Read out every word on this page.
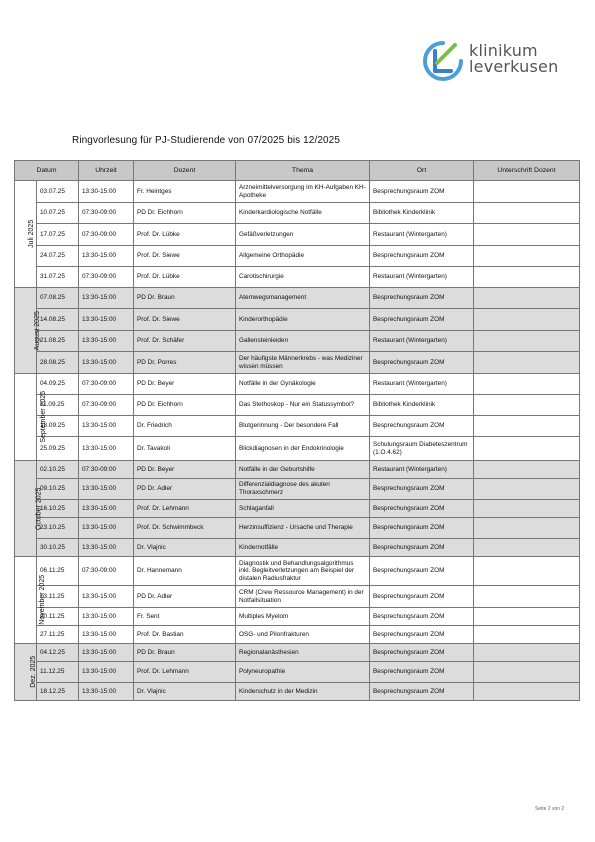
klinikum
leverkusen
Ringvorlesung für PJ-Studierende von 07/2025 bis 12/2025
Datum		Uhrzeit	Dozent	Thema	Ort	Unterschrift Dozent
Juli 2025	03.07.25	13:30-15:00	Fr. Heintges	Arzneimittelversorgung im KH-Aufgaben KH-Apotheke	Besprechungsraum ZOM	
	10.07.25	07:30-09:00	PD Dr. Eichhorn	Kinderkardiologische Notfälle	Bibliothek Kinderklinik	
	17.07.25	07:30-09:00	Prof. Dr. Lübke	Gefäßverletzungen	Restaurant (Wintergarten)	
	24.07.25	13:30-15:00	Prof. Dr. Siewe	Allgemeine Orthopädie	Besprechungsraum ZOM	
	31.07.25	07:30-09:00	Prof. Dr. Lübke	Carotischirurgie	Restaurant (Wintergarten)	
August 2025	07.08.25	13:30-15:00	PD Dr. Braun	Atemwegsmanagement	Besprechungsraum ZOM	
	14.08.25	13:30-15:00	Prof. Dr. Siewe	Kinderorthopädie	Besprechungsraum ZOM	
	21.08.25	13:30-15:00	Prof. Dr. Schäfer	Gallensteinleiden	Restaurant (Wintergarten)	
	28.08.25	13:30-15:00	PD Dr. Porres	Der häufigste Männerkrebs - was Mediziner wissen müssen	Besprechungsraum ZOM	
September 2025	04.09.25	07:30-09:00	PD Dr. Beyer	Notfälle in der Gynäkologie	Restaurant (Wintergarten)	
	11.09.25	07:30-09:00	PD Dr. Eichhorn	Das Stethoskop - Nur ein Statussymbol?	Bibliothek Kinderklinik	
	18.09.25	13:30-15:00	Dr. Friedrich	Blutgerinnung - Der besondere Fall	Besprechungsraum ZOM	
	25.09.25	13:30-15:00	Dr. Tavakoli	Blickdiagnosen in der Endokrinologie	Schulungsraum Diabeteszentrum (1.O.4.62)	
October 2025	02.10.25	07:30-09:00	PD Dr. Beyer	Notfälle in der Geburtshilfe	Restaurant (Wintergarten)	
	09.10.25	13:30-15:00	PD Dr. Adler	Differenzialdiagnose des akuten Thoraxschmerz	Besprechungsraum ZOM	
	16.10.25	13:30-15:00	Prof. Dr. Lehmann	Schlaganfall	Besprechungsraum ZOM	
	23.10.25	13:30-15:00	Prof. Dr. Schwimmbeck	Herzinsuffizienz - Ursache und Therapie	Besprechungsraum ZOM	
	30.10.25	13:30-15:00	Dr. Vlajnic	Kindernotfälle	Besprechungsraum ZOM	
November 2025	06.11.25	07:30-09:00	Dr. Hannemann	Diagnostik und Behandlungsalgorithmus inkl. Begleitverletzungen am Beispiel der distalen Radiusfraktur	Besprechungsraum ZOM	
	13.11.25	13:30-15:00	PD Dr. Adler	CRM (Crew Ressource Management) in der Notfallsituation	Besprechungsraum ZOM	
	20.11.25	13:30-15:00	Fr. Sent	Multiples Myelom	Besprechungsraum ZOM	
	27.11.25	13:30-15:00	Prof. Dr. Bastian	OSG- und Pilonfrakturen	Besprechungsraum ZOM	
Dez. 2025	04.12.25	13:30-15:00	PD Dr. Braun	Regionalanästhesien	Besprechungsraum ZOM	
	11.12.25	13:30-15:00	Prof. Dr. Lehmann	Polyneuropathie	Besprechungsraum ZOM	
	18.12.25	13:30-15:00	Dr. Vlajnic	Kinderschutz in der Medizin	Besprechungsraum ZOM	
Seite 2 von 2
